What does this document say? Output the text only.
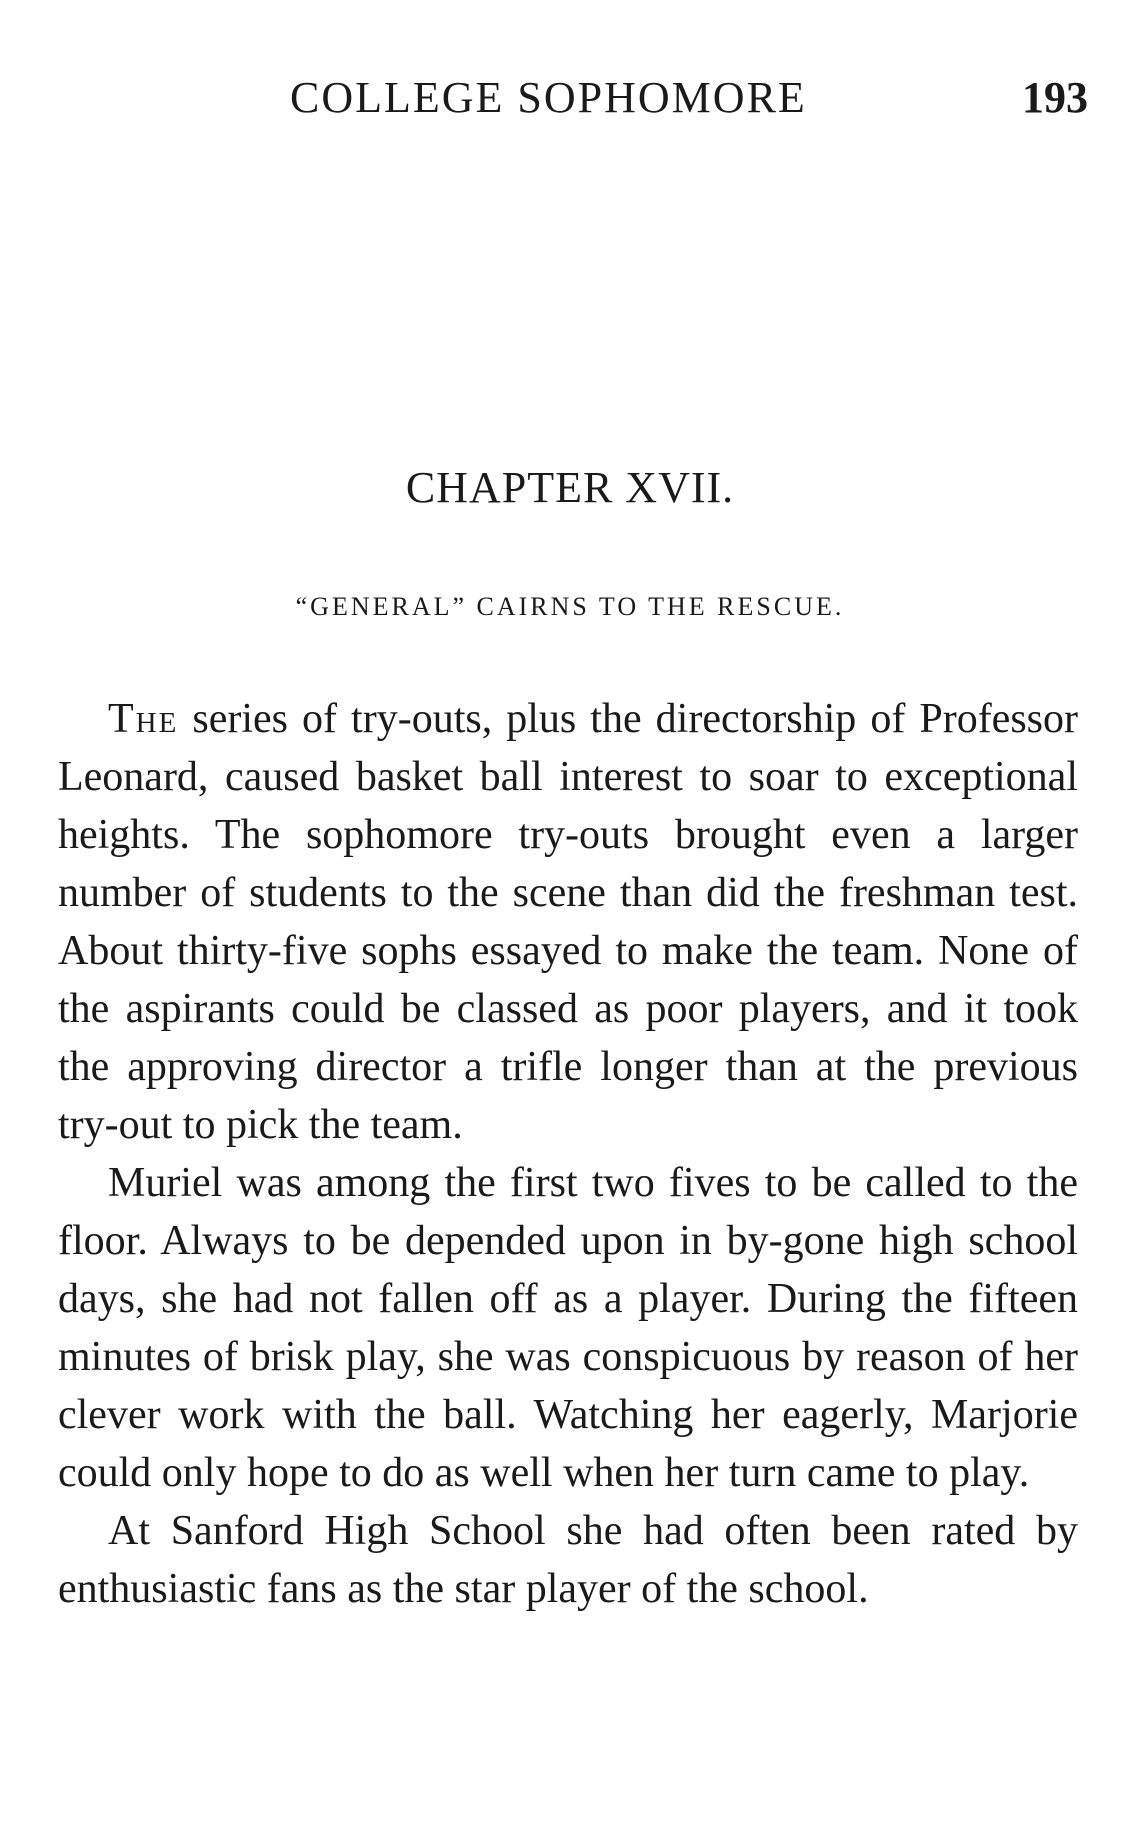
COLLEGE SOPHOMORE	193
CHAPTER XVII.
“GENERAL” CAIRNS TO THE RESCUE.

The series of try-outs, plus the directorship of Professor Leonard, caused basket ball interest to soar to exceptional heights. The sophomore try-outs brought even a larger number of students to the scene than did the freshman test. About thirty-five sophs essayed to make the team. None of the aspirants could be classed as poor players, and it took the approving director a trifle longer than at the previous try-out to pick the team.

Muriel was among the first two fives to be called to the floor. Always to be depended upon in by-gone high school days, she had not fallen off as a player. During the fifteen minutes of brisk play, she was conspicuous by reason of her clever work with the ball. Watching her eagerly, Marjorie could only hope to do as well when her turn came to play.

At Sanford High School she had often been rated by enthusiastic fans as the star player of the school.
